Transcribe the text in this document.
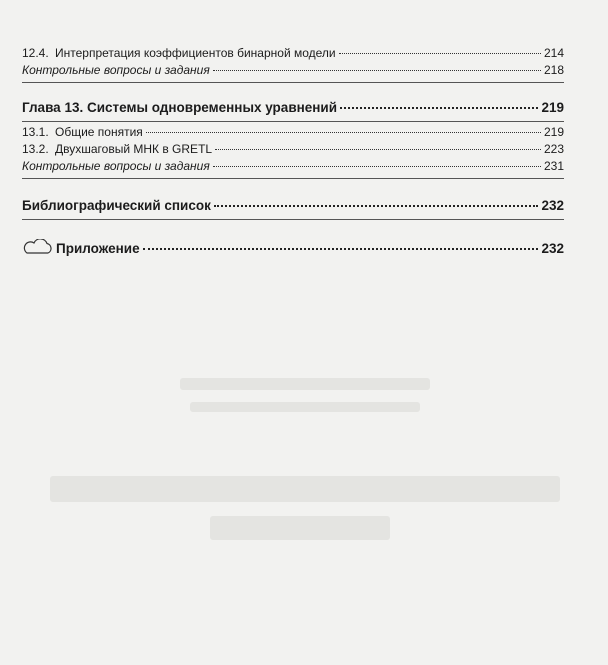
12.4. Интерпретация коэффициентов бинарной модели	214
Контрольные вопросы и задания	218
Глава 13. Системы одновременных уравнений	219
13.1. Общие понятия	219
13.2. Двухшаговый МНК в GRETL	223
Контрольные вопросы и задания	231
Библиографический список	232
Приложение	232
